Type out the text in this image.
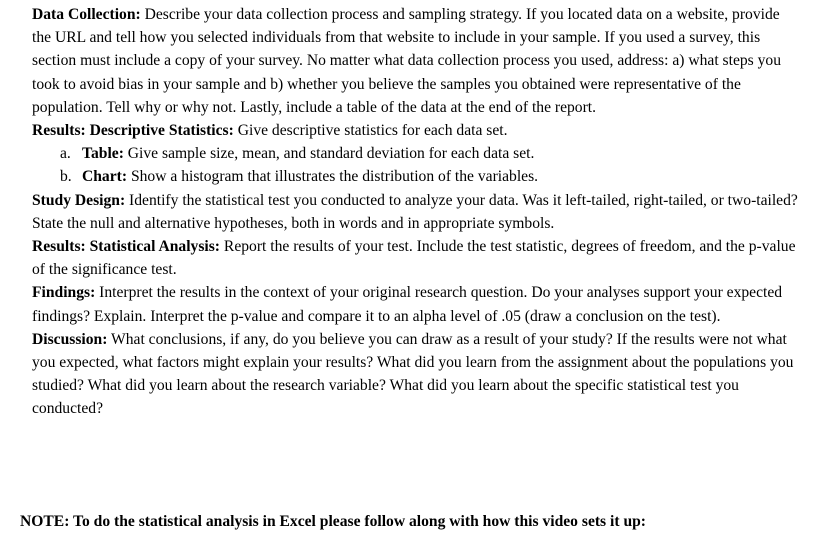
Data Collection: Describe your data collection process and sampling strategy. If you located data on a website, provide the URL and tell how you selected individuals from that website to include in your sample. If you used a survey, this section must include a copy of your survey. No matter what data collection process you used, address: a) what steps you took to avoid bias in your sample and b) whether you believe the samples you obtained were representative of the population. Tell why or why not. Lastly, include a table of the data at the end of the report.

Results: Descriptive Statistics: Give descriptive statistics for each data set.

a. Table: Give sample size, mean, and standard deviation for each data set.

b. Chart: Show a histogram that illustrates the distribution of the variables.

Study Design: Identify the statistical test you conducted to analyze your data. Was it left-tailed, right-tailed, or two-tailed? State the null and alternative hypotheses, both in words and in appropriate symbols.

Results: Statistical Analysis: Report the results of your test. Include the test statistic, degrees of freedom, and the p-value of the significance test.

Findings: Interpret the results in the context of your original research question. Do your analyses support your expected findings? Explain. Interpret the p-value and compare it to an alpha level of .05 (draw a conclusion on the test).

Discussion: What conclusions, if any, do you believe you can draw as a result of your study? If the results were not what you expected, what factors might explain your results? What did you learn from the assignment about the populations you studied? What did you learn about the research variable? What did you learn about the specific statistical test you conducted?

NOTE: To do the statistical analysis in Excel please follow along with how this video sets it up:
